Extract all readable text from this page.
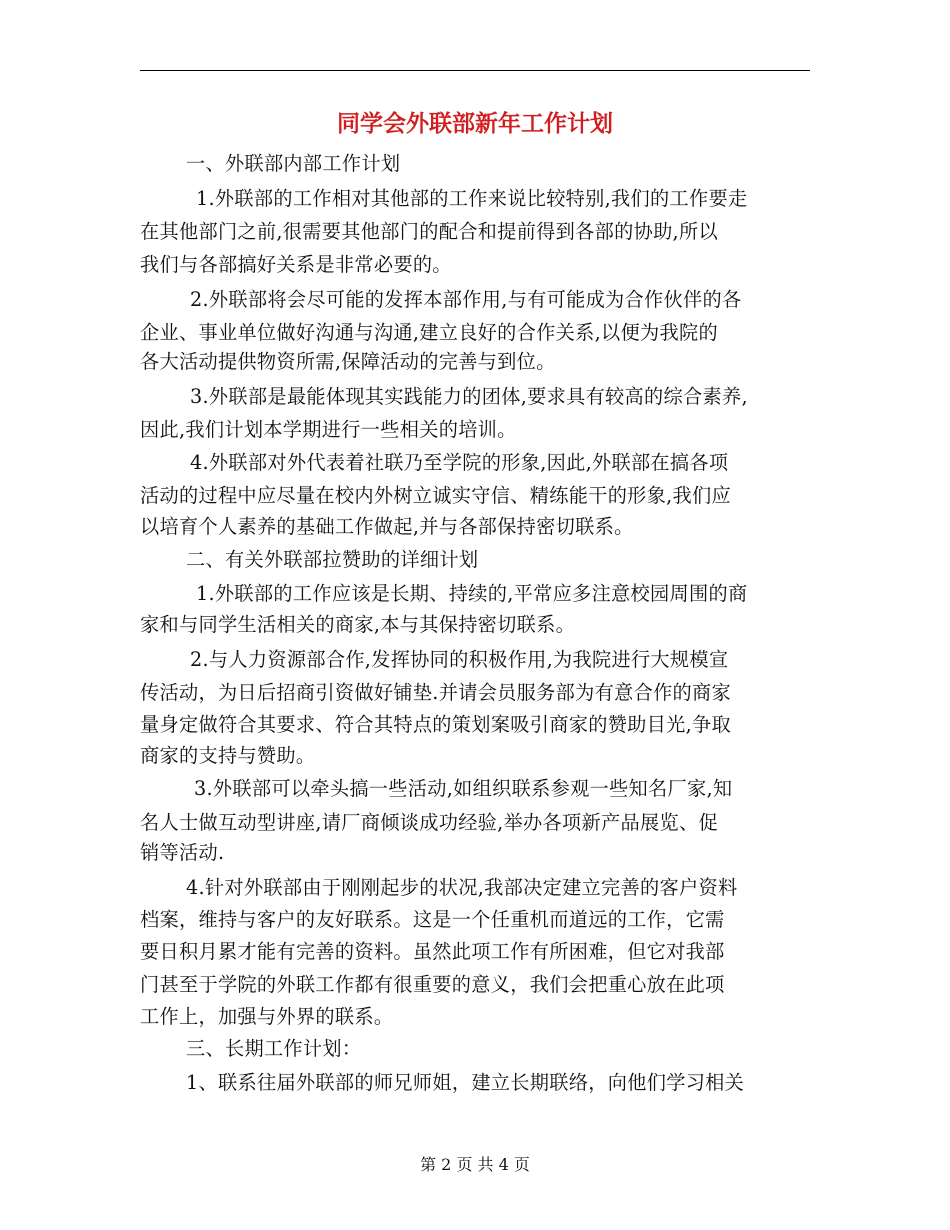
同学会外联部新年工作计划
一、外联部内部工作计划
1.外联部的工作相对其他部的工作来说比较特别,我们的工作要走
在其他部门之前,很需要其他部门的配合和提前得到各部的协助,所以
我们与各部搞好关系是非常必要的。
2.外联部将会尽可能的发挥本部作用,与有可能成为合作伙伴的各
企业、事业单位做好沟通与沟通,建立良好的合作关系,以便为我院的
各大活动提供物资所需,保障活动的完善与到位。
3.外联部是最能体现其实践能力的团体,要求具有较高的综合素养,
因此,我们计划本学期进行一些相关的培训。
4.外联部对外代表着社联乃至学院的形象,因此,外联部在搞各项
活动的过程中应尽量在校内外树立诚实守信、精练能干的形象,我们应
以培育个人素养的基础工作做起,并与各部保持密切联系。
二、有关外联部拉赞助的详细计划
1.外联部的工作应该是长期、持续的,平常应多注意校园周围的商
家和与同学生活相关的商家,本与其保持密切联系。
2.与人力资源部合作,发挥协同的积极作用,为我院进行大规模宣
传活动，为日后招商引资做好铺垫.并请会员服务部为有意合作的商家
量身定做符合其要求、符合其特点的策划案吸引商家的赞助目光,争取
商家的支持与赞助。
3.外联部可以牵头搞一些活动,如组织联系参观一些知名厂家,知
名人士做互动型讲座,请厂商倾谈成功经验,举办各项新产品展览、促
销等活动.
4.针对外联部由于刚刚起步的状况,我部决定建立完善的客户资料
档案，维持与客户的友好联系。这是一个任重机而道远的工作，它需
要日积月累才能有完善的资料。虽然此项工作有所困难，但它对我部
门甚至于学院的外联工作都有很重要的意义，我们会把重心放在此项
工作上，加强与外界的联系。
三、长期工作计划：
1、联系往届外联部的师兄师姐，建立长期联络，向他们学习相关
第 2 页 共 4 页
